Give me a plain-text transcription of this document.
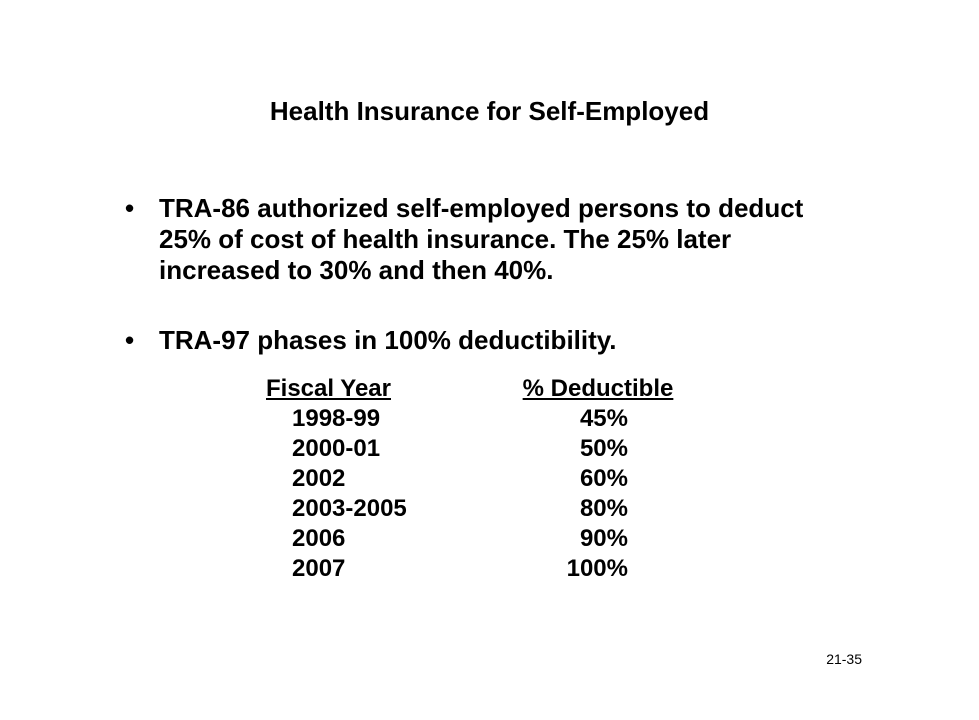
Health Insurance for Self-Employed
• TRA-86 authorized self-employed persons to deduct 25% of cost of health insurance. The 25% later increased to 30% and then 40%.
• TRA-97 phases in 100% deductibility.
Fiscal Year	% Deductible
1998-99	45%
2000-01	50%
2002	60%
2003-2005	80%
2006	90%
2007	100%
21-35
